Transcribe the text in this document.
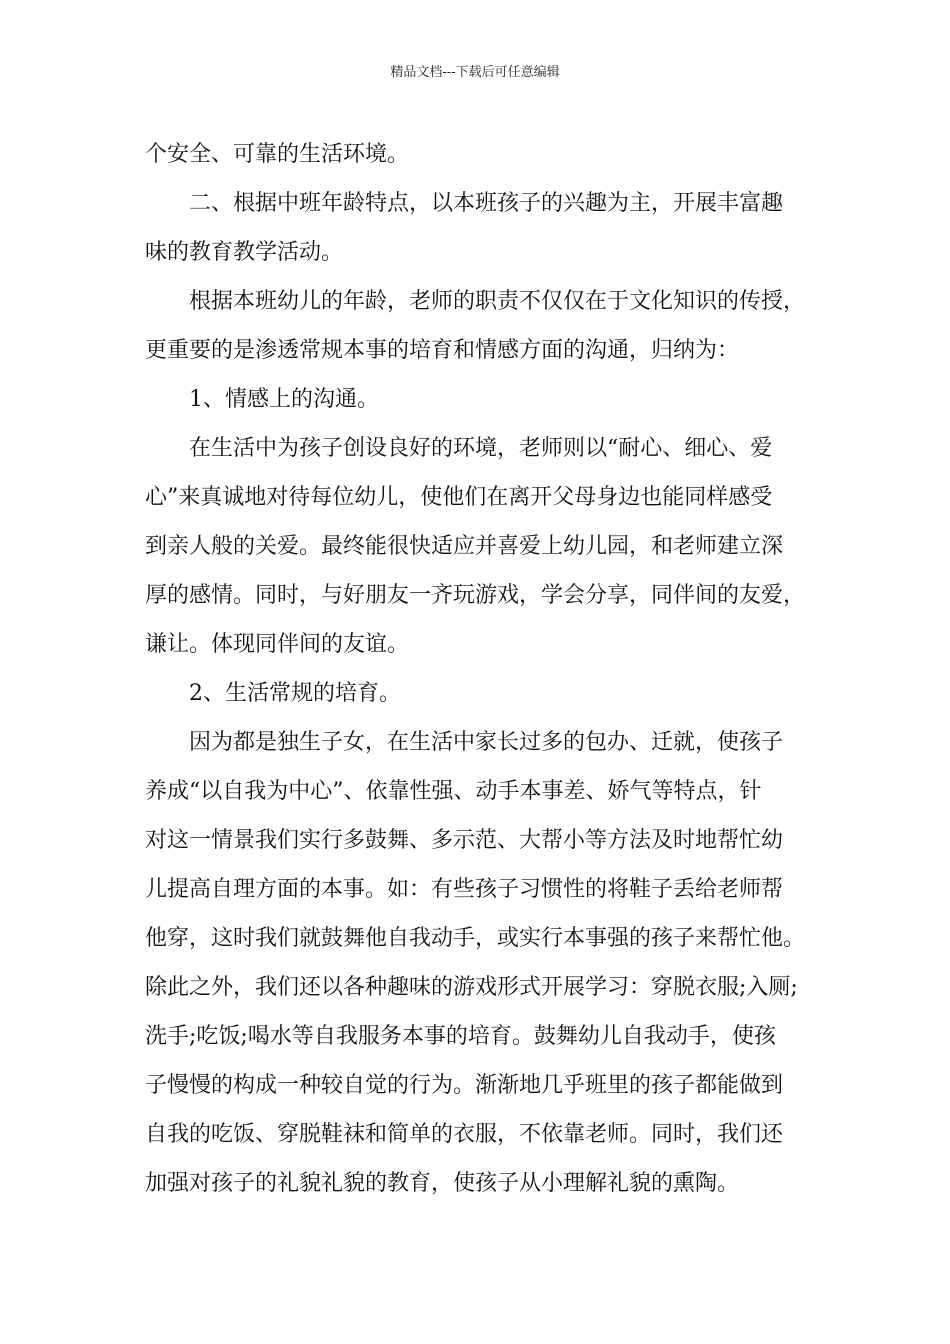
精品文档---下载后可任意编辑
个安全、可靠的生活环境。
二、根据中班年龄特点，以本班孩子的兴趣为主，开展丰富趣
味的教育教学活动。
根据本班幼儿的年龄，老师的职责不仅仅在于文化知识的传授，
更重要的是渗透常规本事的培育和情感方面的沟通，归纳为：
1、情感上的沟通。
在生活中为孩子创设良好的环境，老师则以“耐心、细心、爱
心”来真诚地对待每位幼儿，使他们在离开父母身边也能同样感受
到亲人般的关爱。最终能很快适应并喜爱上幼儿园，和老师建立深
厚的感情。同时，与好朋友一齐玩游戏，学会分享，同伴间的友爱，
谦让。体现同伴间的友谊。
2、生活常规的培育。
因为都是独生子女，在生活中家长过多的包办、迁就，使孩子
养成“以自我为中心”、依靠性强、动手本事差、娇气等特点，针
对这一情景我们实行多鼓舞、多示范、大帮小等方法及时地帮忙幼
儿提高自理方面的本事。如：有些孩子习惯性的将鞋子丢给老师帮
他穿，这时我们就鼓舞他自我动手，或实行本事强的孩子来帮忙他。
除此之外，我们还以各种趣味的游戏形式开展学习：穿脱衣服;入厕;
洗手;吃饭;喝水等自我服务本事的培育。鼓舞幼儿自我动手，使孩
子慢慢的构成一种较自觉的行为。渐渐地几乎班里的孩子都能做到
自我的吃饭、穿脱鞋袜和简单的衣服，不依靠老师。同时，我们还
加强对孩子的礼貌礼貌的教育，使孩子从小理解礼貌的熏陶。
